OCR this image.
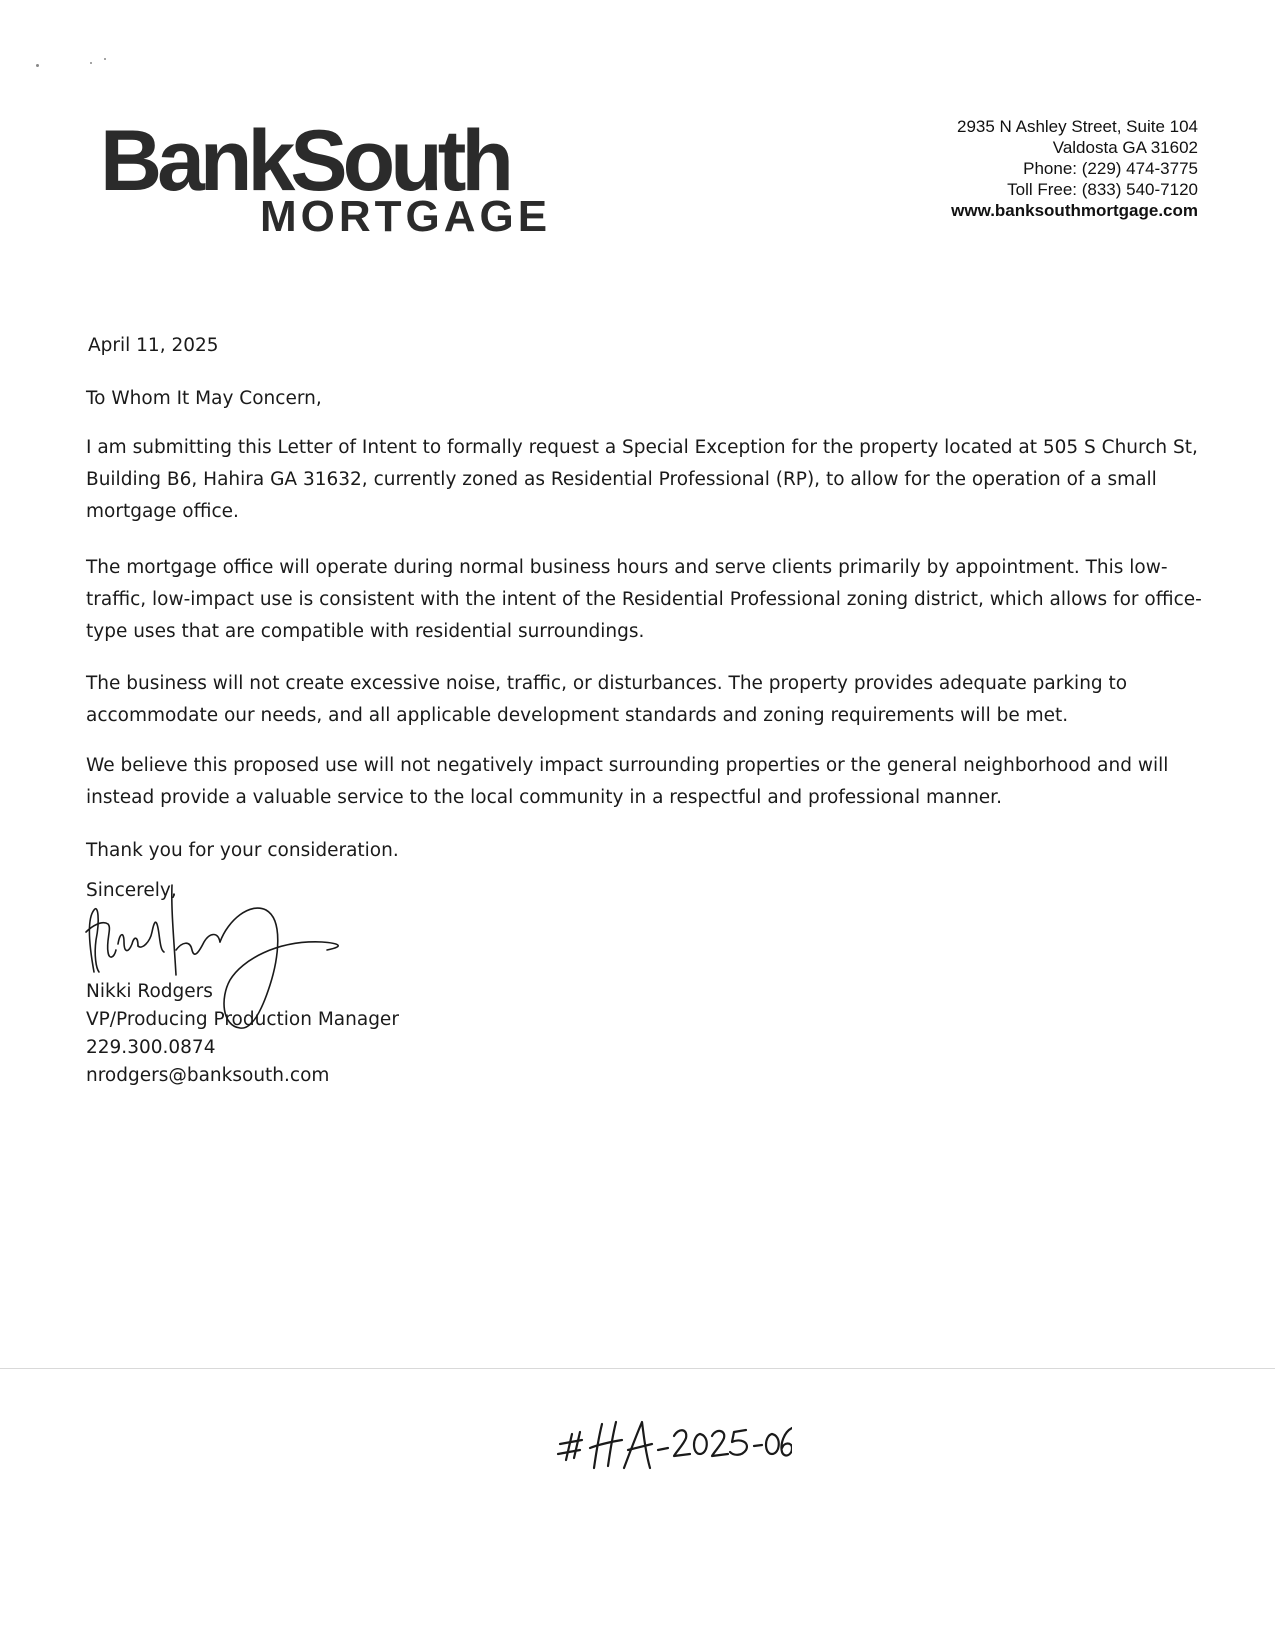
BankSouth
MORTGAGE
2935 N Ashley Street, Suite 104
Valdosta GA 31602
Phone: (229) 474-3775
Toll Free: (833) 540-7120
www.banksouthmortgage.com
April 11, 2025
To Whom It May Concern,

I am submitting this Letter of Intent to formally request a Special Exception for the property located at 505 S Church St, Building B6, Hahira GA 31632, currently zoned as Residential Professional (RP), to allow for the operation of a small mortgage office.

The mortgage office will operate during normal business hours and serve clients primarily by appointment. This low-traffic, low-impact use is consistent with the intent of the Residential Professional zoning district, which allows for office-type uses that are compatible with residential surroundings.

The business will not create excessive noise, traffic, or disturbances. The property provides adequate parking to accommodate our needs, and all applicable development standards and zoning requirements will be met.

We believe this proposed use will not negatively impact surrounding properties or the general neighborhood and will instead provide a valuable service to the local community in a respectful and professional manner.

Thank you for your consideration.
Sincerely,
Nikki Rodgers
VP/Producing Production Manager
229.300.0874
nrodgers@banksouth.com
